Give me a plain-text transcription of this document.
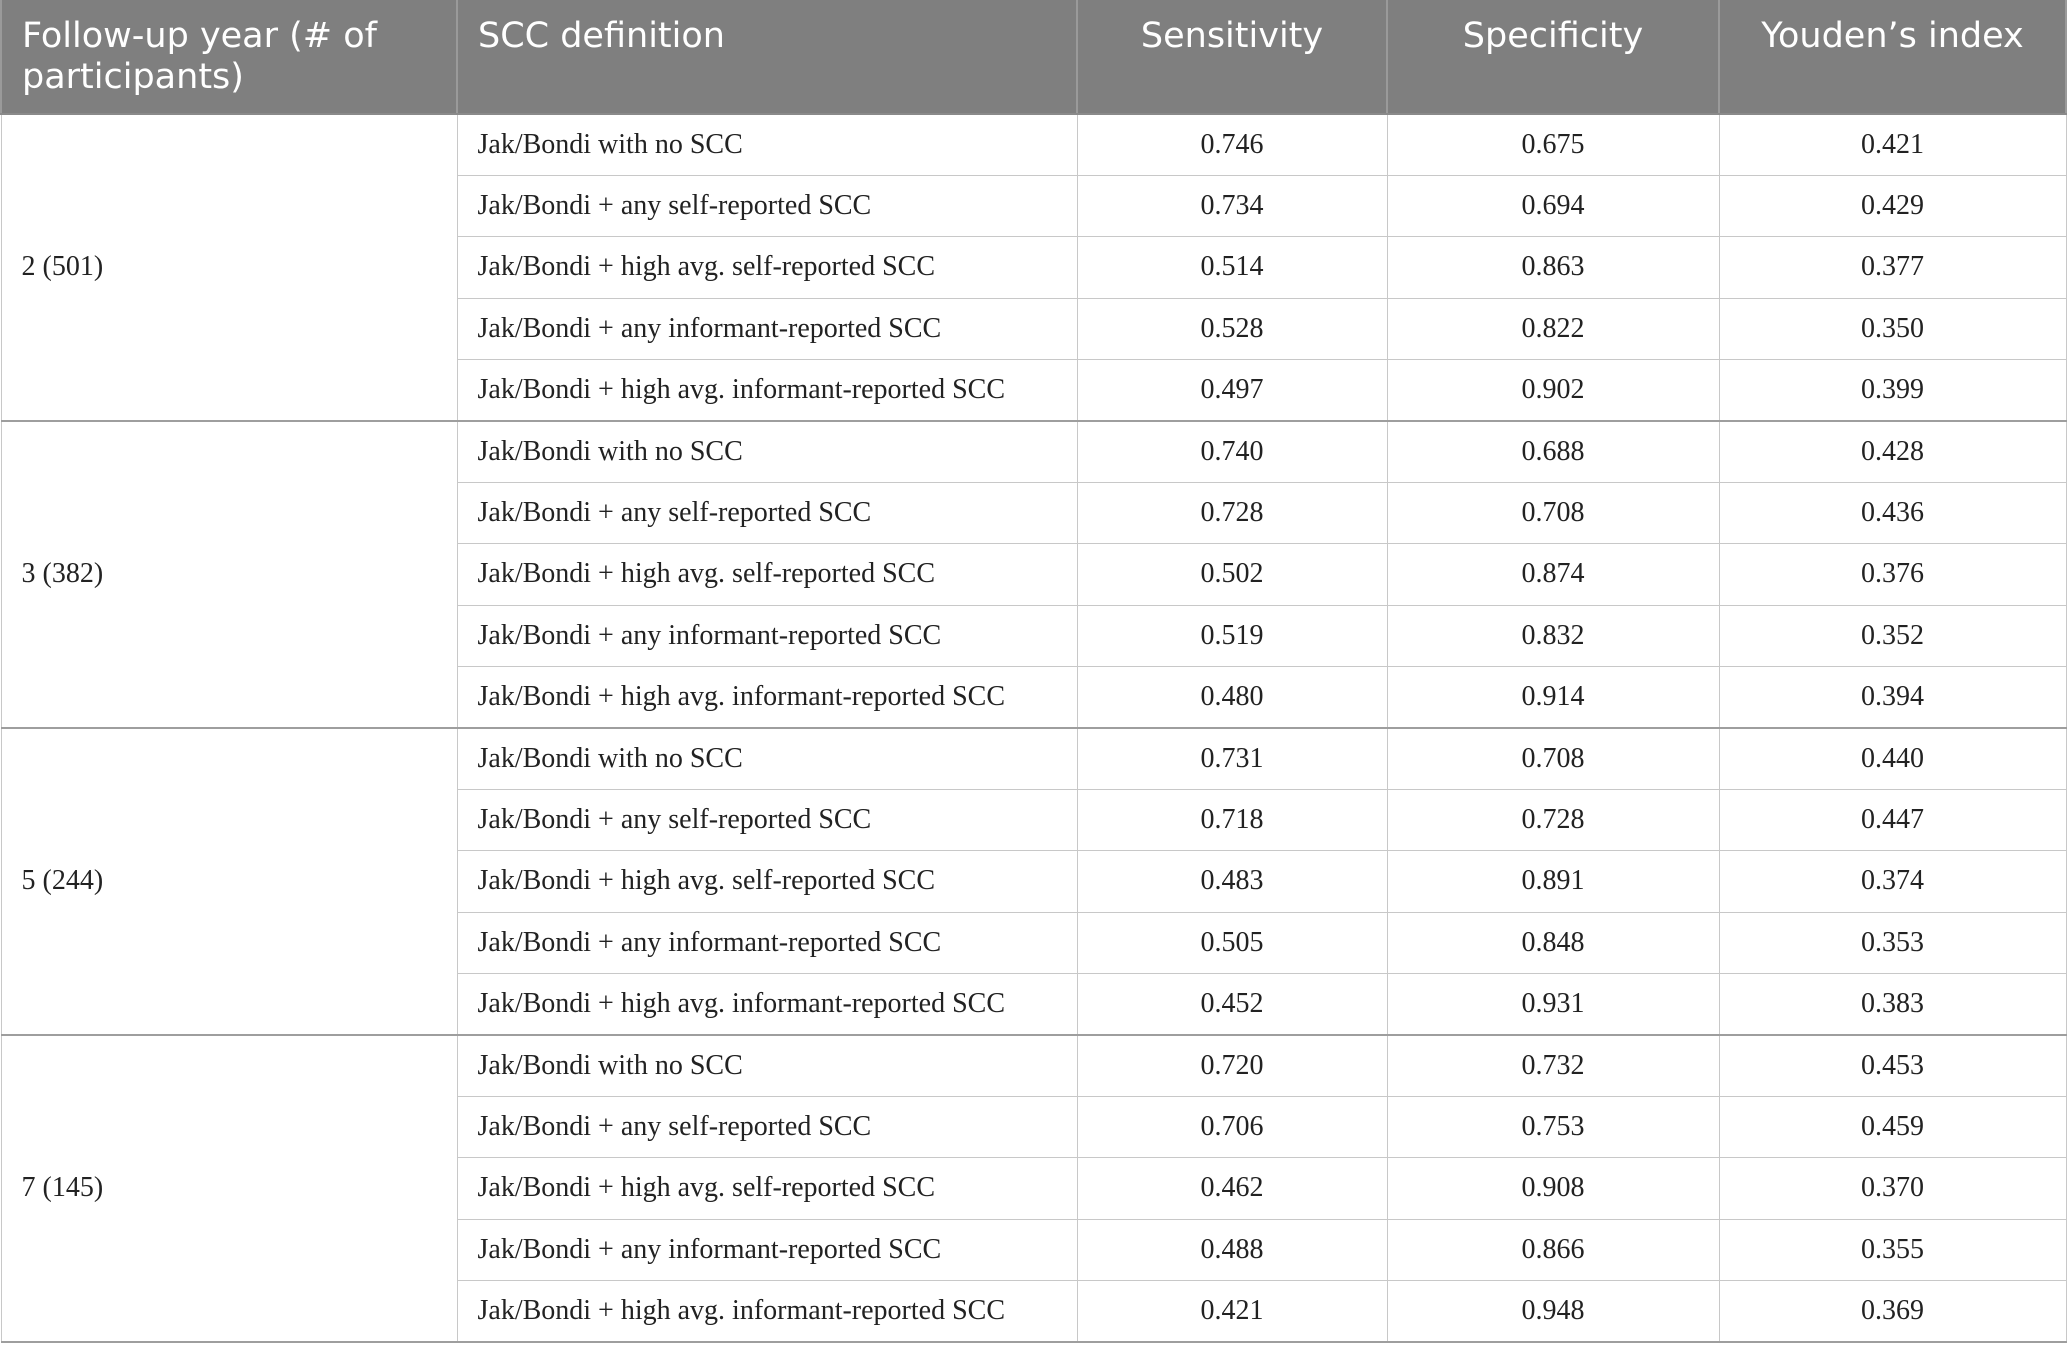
Follow-up year (# of participants)	SCC definition	Sensitivity	Specificity	Youden’s index
2 (501)	Jak/Bondi with no SCC	0.746	0.675	0.421
	Jak/Bondi + any self-reported SCC	0.734	0.694	0.429
	Jak/Bondi + high avg. self-reported SCC	0.514	0.863	0.377
	Jak/Bondi + any informant-reported SCC	0.528	0.822	0.350
	Jak/Bondi + high avg. informant-reported SCC	0.497	0.902	0.399
3 (382)	Jak/Bondi with no SCC	0.740	0.688	0.428
	Jak/Bondi + any self-reported SCC	0.728	0.708	0.436
	Jak/Bondi + high avg. self-reported SCC	0.502	0.874	0.376
	Jak/Bondi + any informant-reported SCC	0.519	0.832	0.352
	Jak/Bondi + high avg. informant-reported SCC	0.480	0.914	0.394
5 (244)	Jak/Bondi with no SCC	0.731	0.708	0.440
	Jak/Bondi + any self-reported SCC	0.718	0.728	0.447
	Jak/Bondi + high avg. self-reported SCC	0.483	0.891	0.374
	Jak/Bondi + any informant-reported SCC	0.505	0.848	0.353
	Jak/Bondi + high avg. informant-reported SCC	0.452	0.931	0.383
7 (145)	Jak/Bondi with no SCC	0.720	0.732	0.453
	Jak/Bondi + any self-reported SCC	0.706	0.753	0.459
	Jak/Bondi + high avg. self-reported SCC	0.462	0.908	0.370
	Jak/Bondi + any informant-reported SCC	0.488	0.866	0.355
	Jak/Bondi + high avg. informant-reported SCC	0.421	0.948	0.369
